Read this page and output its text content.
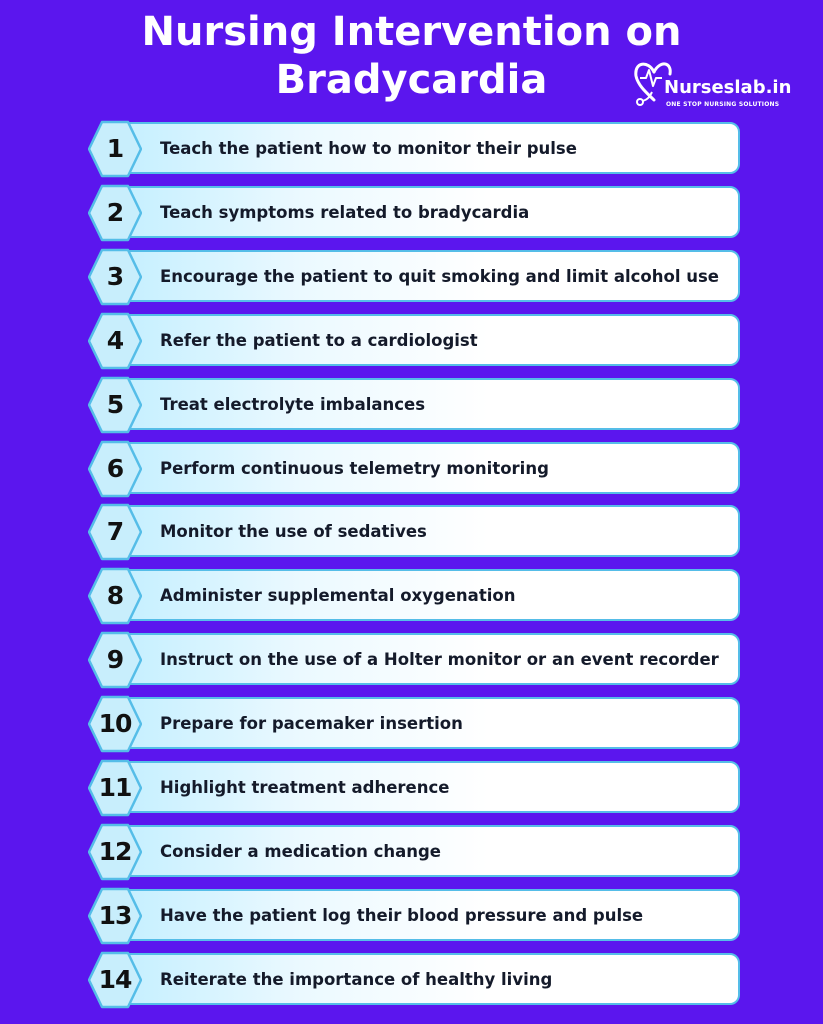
Nursing Intervention on
Bradycardia	Nurseslab.in
ONE STOP NURSING SOLUTIONS
1	Teach the patient how to monitor their pulse
2	Teach symptoms related to bradycardia
3	Encourage the patient to quit smoking and limit alcohol use
4	Refer the patient to a cardiologist
5	Treat electrolyte imbalances
6	Perform continuous telemetry monitoring
7	Monitor the use of sedatives
8	Administer supplemental oxygenation
9	Instruct on the use of a Holter monitor or an event recorder
10	Prepare for pacemaker insertion
11	Highlight treatment adherence
12	Consider a medication change
13	Have the patient log their blood pressure and pulse
14	Reiterate the importance of healthy living
